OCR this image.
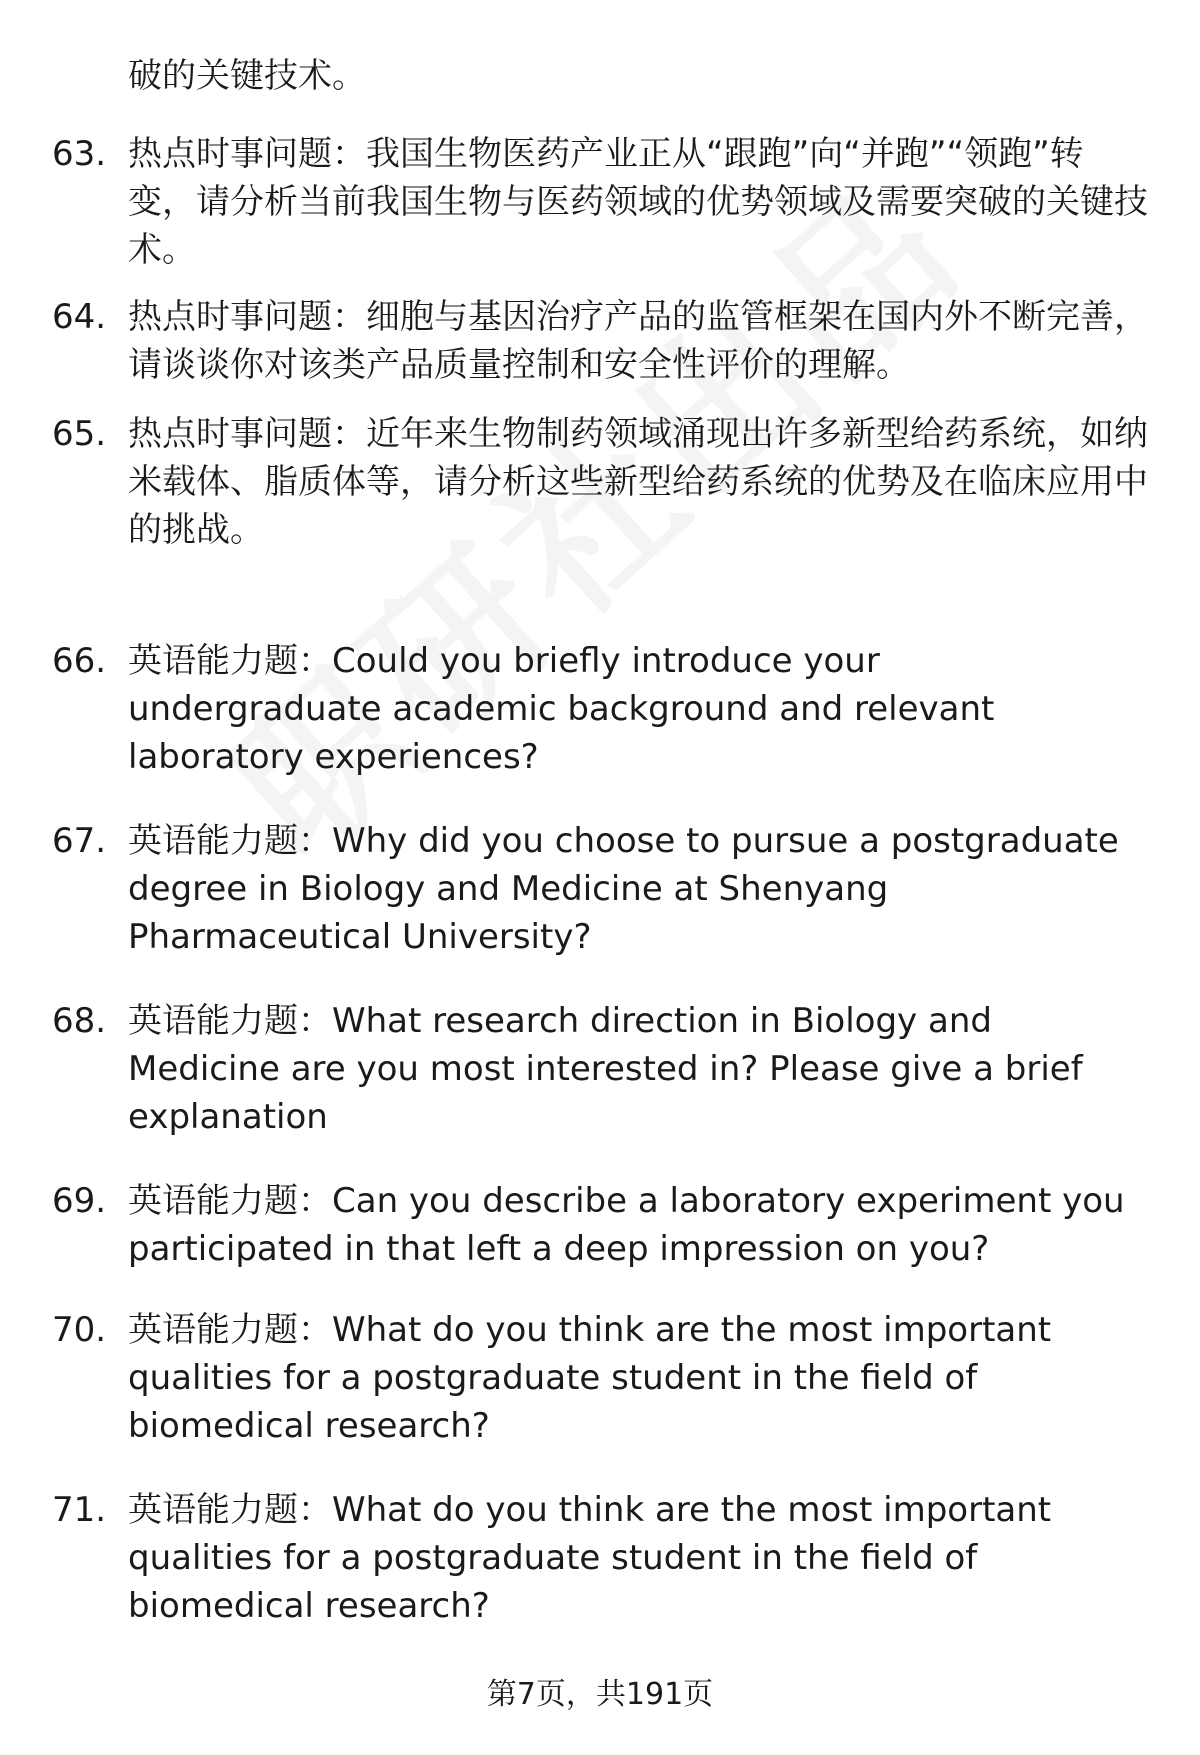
破的关键技术。
63. 热点时事问题：我国生物医药产业正从“跟跑”向“并跑”“领跑”转变，请分析当前我国生物与医药领域的优势领域及需要突破的关键技术。
64. 热点时事问题：细胞与基因治疗产品的监管框架在国内外不断完善，请谈谈你对该类产品质量控制和安全性评价的理解。
65. 热点时事问题：近年来生物制药领域涌现出许多新型给药系统，如纳米载体、脂质体等，请分析这些新型给药系统的优势及在临床应用中的挑战。
66. 英语能力题：Could you briefly introduce your undergraduate academic background and relevant laboratory experiences?
67. 英语能力题：Why did you choose to pursue a postgraduate degree in Biology and Medicine at Shenyang Pharmaceutical University?
68. 英语能力题：What research direction in Biology and Medicine are you most interested in? Please give a brief explanation
69. 英语能力题：Can you describe a laboratory experiment you participated in that left a deep impression on you?
70. 英语能力题：What do you think are the most important qualities for a postgraduate student in the field of biomedical research?
71. 英语能力题：What do you think are the most important qualities for a postgraduate student in the field of biomedical research?
第7页，共191页
